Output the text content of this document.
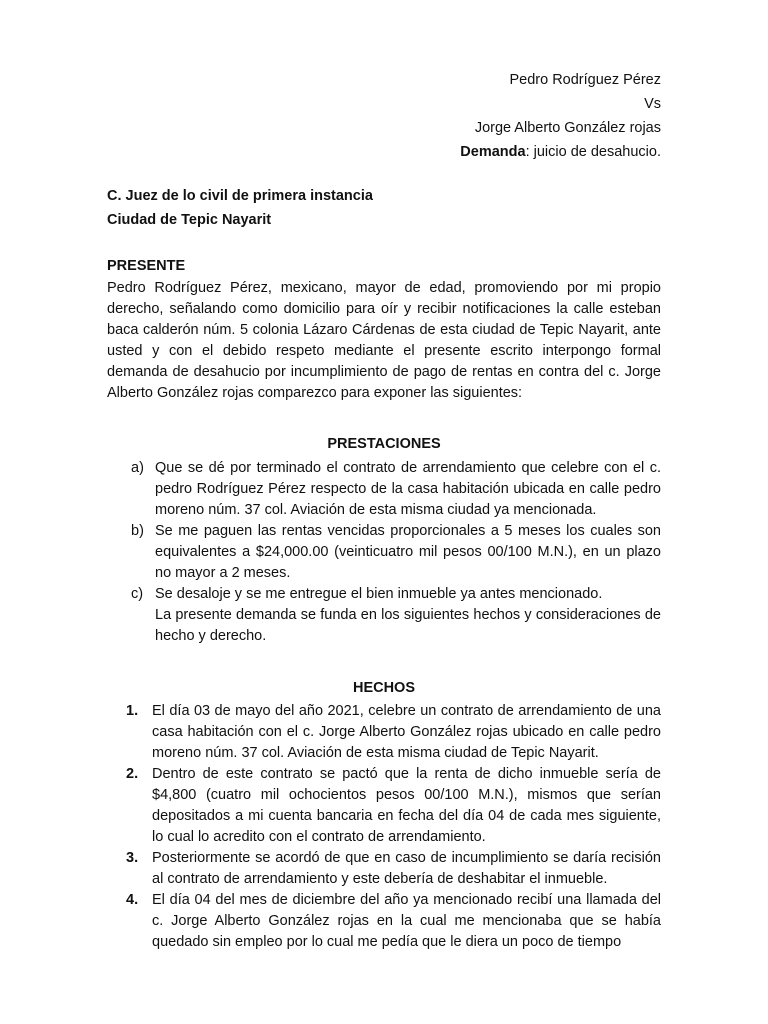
Pedro Rodríguez Pérez
Vs
Jorge Alberto González rojas
Demanda: juicio de desahucio.
C. Juez de lo civil de primera instancia
Ciudad de Tepic Nayarit
PRESENTE

Pedro Rodríguez Pérez, mexicano, mayor de edad, promoviendo por mi propio derecho, señalando como domicilio para oír y recibir notificaciones la calle esteban baca calderón núm. 5 colonia Lázaro Cárdenas de esta ciudad de Tepic Nayarit, ante usted y con el debido respeto mediante el presente escrito interpongo formal demanda de desahucio por incumplimiento de pago de rentas en contra del c. Jorge Alberto González rojas comparezco para exponer las siguientes:

PRESTACIONES
a) Que se dé por terminado el contrato de arrendamiento que celebre con el c. pedro Rodríguez Pérez respecto de la casa habitación ubicada en calle pedro moreno núm. 37 col. Aviación de esta misma ciudad ya mencionada.
b) Se me paguen las rentas vencidas proporcionales a 5 meses los cuales son equivalentes a $24,000.00 (veinticuatro mil pesos 00/100 M.N.), en un plazo no mayor a 2 meses.
c) Se desaloje y se me entregue el bien inmueble ya antes mencionado.
La presente demanda se funda en los siguientes hechos y consideraciones de hecho y derecho.
HECHOS
1. El día 03 de mayo del año 2021, celebre un contrato de arrendamiento de una casa habitación con el c. Jorge Alberto González rojas ubicado en calle pedro moreno núm. 37 col. Aviación de esta misma ciudad de Tepic Nayarit.
2. Dentro de este contrato se pactó que la renta de dicho inmueble sería de $4,800 (cuatro mil ochocientos pesos 00/100 M.N.), mismos que serían depositados a mi cuenta bancaria en fecha del día 04 de cada mes siguiente, lo cual lo acredito con el contrato de arrendamiento.
3. Posteriormente se acordó de que en caso de incumplimiento se daría recisión al contrato de arrendamiento y este debería de deshabitar el inmueble.
4. El día 04 del mes de diciembre del año ya mencionado recibí una llamada del c. Jorge Alberto González rojas en la cual me mencionaba que se había quedado sin empleo por lo cual me pedía que le diera un poco de tiempo
